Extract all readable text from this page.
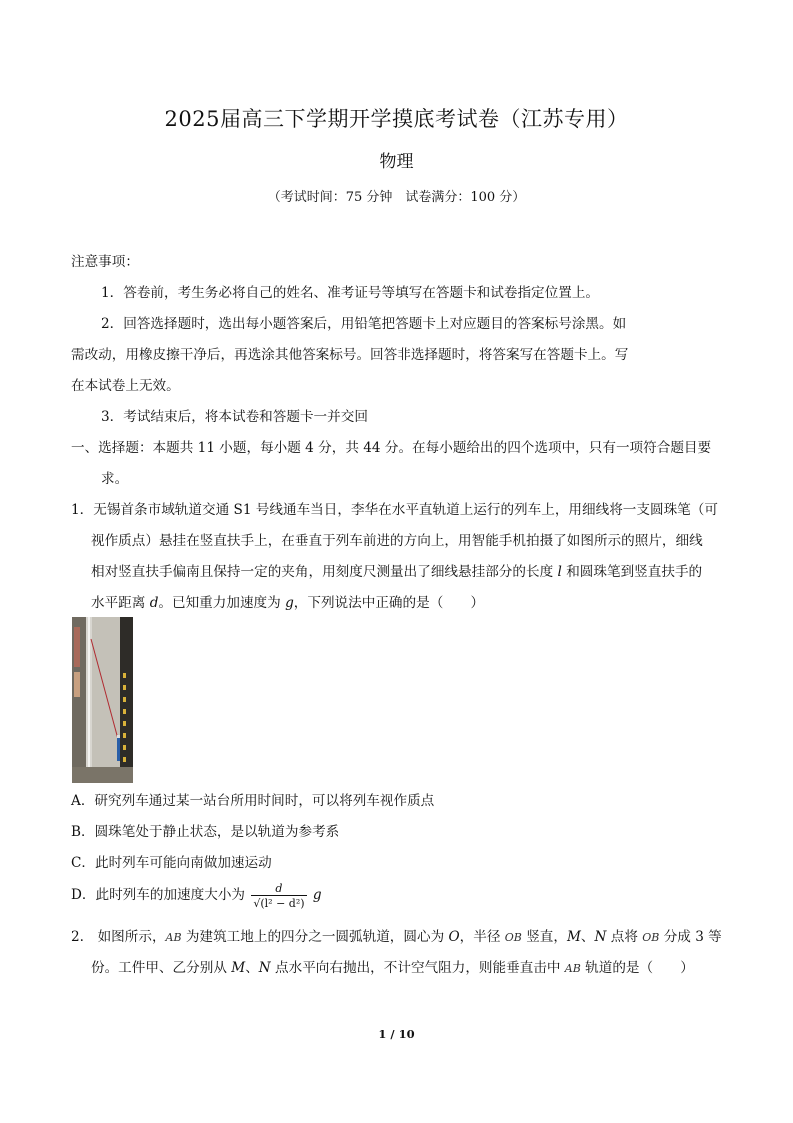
2025届高三下学期开学摸底考试卷（江苏专用）
物理
（考试时间：75 分钟　试卷满分：100 分）
注意事项：
1．答卷前，考生务必将自己的姓名、准考证号等填写在答题卡和试卷指定位置上。
2．回答选择题时，选出每小题答案后，用铅笔把答题卡上对应题目的答案标号涂黑。如
需改动，用橡皮擦干净后，再选涂其他答案标号。回答非选择题时，将答案写在答题卡上。写
在本试卷上无效。
3．考试结束后，将本试卷和答题卡一并交回
一、选择题：本题共 11 小题，每小题 4 分，共 44 分。在每小题给出的四个选项中，只有一项符合题目要
求。
1．无锡首条市域轨道交通 S1 号线通车当日，李华在水平直轨道上运行的列车上，用细线将一支圆珠笔（可
视作质点）悬挂在竖直扶手上，在垂直于列车前进的方向上，用智能手机拍摄了如图所示的照片，细线
相对竖直扶手偏南且保持一定的夹角，用刻度尺测量出了细线悬挂部分的长度 l 和圆珠笔到竖直扶手的
水平距离 d。已知重力加速度为 g，下列说法中正确的是（　　）
A．研究列车通过某一站台所用时间时，可以将列车视作质点
B．圆珠笔处于静止状态，是以轨道为参考系
C．此时列车可能向南做加速运动
D．此时列车的加速度大小为 $\frac{d}{\text{√(l² − d²)}}$ g
2.　如图所示，AB 为建筑工地上的四分之一圆弧轨道，圆心为 O，半径 OB 竖直，M、N 点将 OB 分成 3 等
份。工件甲、乙分别从 M、N 点水平向右抛出，不计空气阻力，则能垂直击中 AB 轨道的是（　　）
1 / 10
